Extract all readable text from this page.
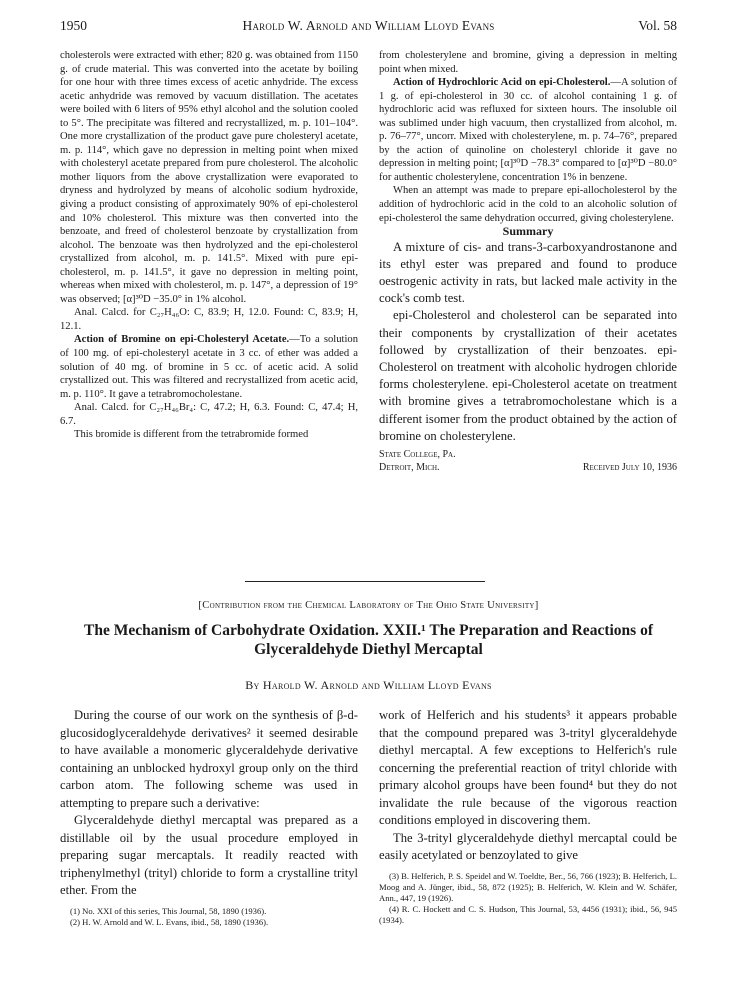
1950	Harold W. Arnold and William Lloyd Evans	Vol. 58

cholesterols were extracted with ether; 820 g. was obtained from 1150 g. of crude material. This was converted into the acetate by boiling for one hour with three times excess of acetic anhydride. The excess acetic anhydride was removed by vacuum distillation. The acetates were boiled with 6 liters of 95% ethyl alcohol and the solution cooled to 5°. The precipitate was filtered and recrystallized, m. p. 101–104°. One more crystallization of the product gave pure cholesteryl acetate, m. p. 114°, which gave no depression in melting point when mixed with cholesteryl acetate prepared from pure cholesterol. The alcoholic mother liquors from the above crystallization were evaporated to dryness and hydrolyzed by means of alcoholic sodium hydroxide, giving a product consisting of approximately 90% of epi-cholesterol and 10% cholesterol. This mixture was then converted into the benzoate, and freed of cholesterol benzoate by crystallization from alcohol. The benzoate was then hydrolyzed and the epi-cholesterol crystallized from alcohol, m. p. 141.5°. Mixed with pure epi-cholesterol, m. p. 141.5°, it gave no depression in melting point, whereas when mixed with cholesterol, m. p. 147°, a depression of 19° was observed; [α]³⁰D −35.0° in 1% alcohol.

Anal. Calcd. for C₂₇H₄₆O: C, 83.9; H, 12.0. Found: C, 83.9; H, 12.1.

Action of Bromine on epi-Cholesteryl Acetate.—To a solution of 100 mg. of epi-cholesteryl acetate in 3 cc. of ether was added a solution of 40 mg. of bromine in 5 cc. of acetic acid. A solid crystallized out. This was filtered and recrystallized from acetic acid, m. p. 110°. It gave a tetrabromocholestane.

Anal. Calcd. for C₂₇H₄₆Br₄: C, 47.2; H, 6.3. Found: C, 47.4; H, 6.7.

This bromide is different from the tetrabromide formed

from cholesterylene and bromine, giving a depression in melting point when mixed.

Action of Hydrochloric Acid on epi-Cholesterol.—A solution of 1 g. of epi-cholesterol in 30 cc. of alcohol containing 1 g. of hydrochloric acid was refluxed for sixteen hours. The insoluble oil was sublimed under high vacuum, then crystallized from alcohol, m. p. 76–77°, uncorr. Mixed with cholesterylene, m. p. 74–76°, prepared by the action of quinoline on cholesteryl chloride it gave no depression in melting point; [α]³⁰D −78.3° compared to [α]³⁰D −80.0° for authentic cholesterylene, concentration 1% in benzene.

When an attempt was made to prepare epi-allocholesterol by the addition of hydrochloric acid in the cold to an alcoholic solution of epi-cholesterol the same dehydration occurred, giving cholesterylene.

Summary

A mixture of cis- and trans-3-carboxyandrostanone and its ethyl ester was prepared and found to produce oestrogenic activity in rats, but lacked male activity in the cock's comb test.

epi-Cholesterol and cholesterol can be separated into their components by crystallization of their acetates followed by crystallization of their benzoates. epi-Cholesterol on treatment with alcoholic hydrogen chloride forms cholesterylene. epi-Cholesterol acetate on treatment with bromine gives a tetrabromocholestane which is a different isomer from the product obtained by the action of bromine on cholesterylene.

State College, Pa.
Detroit, Mich.	Received July 10, 1936
[Contribution from the Chemical Laboratory of The Ohio State University]
The Mechanism of Carbohydrate Oxidation. XXII.¹ The Preparation and Reactions of Glyceraldehyde Diethyl Mercaptal
By Harold W. Arnold and William Lloyd Evans

During the course of our work on the synthesis of β-d-glucosidoglyceraldehyde derivatives² it seemed desirable to have available a monomeric glyceraldehyde derivative containing an unblocked hydroxyl group only on the third carbon atom. The following scheme was used in attempting to prepare such a derivative:

Glyceraldehyde diethyl mercaptal was prepared as a distillable oil by the usual procedure employed in preparing sugar mercaptals. It readily reacted with triphenylmethyl (trityl) chloride to form a crystalline trityl ether. From the

(1) No. XXI of this series, This Journal, 58, 1890 (1936).

(2) H. W. Arnold and W. L. Evans, ibid., 58, 1890 (1936).

work of Helferich and his students³ it appears probable that the compound prepared was 3-trityl glyceraldehyde diethyl mercaptal. A few exceptions to Helferich's rule concerning the preferential reaction of trityl chloride with primary alcohol groups have been found⁴ but they do not invalidate the rule because of the vigorous reaction conditions employed in discovering them.

The 3-trityl glyceraldehyde diethyl mercaptal could be easily acetylated or benzoylated to give

(3) B. Helferich, P. S. Speidel and W. Toeldte, Ber., 56, 766 (1923); B. Helferich, L. Moog and A. Jünger, ibid., 58, 872 (1925); B. Helferich, W. Klein and W. Schäfer, Ann., 447, 19 (1926).

(4) R. C. Hockett and C. S. Hudson, This Journal, 53, 4456 (1931); ibid., 56, 945 (1934).
